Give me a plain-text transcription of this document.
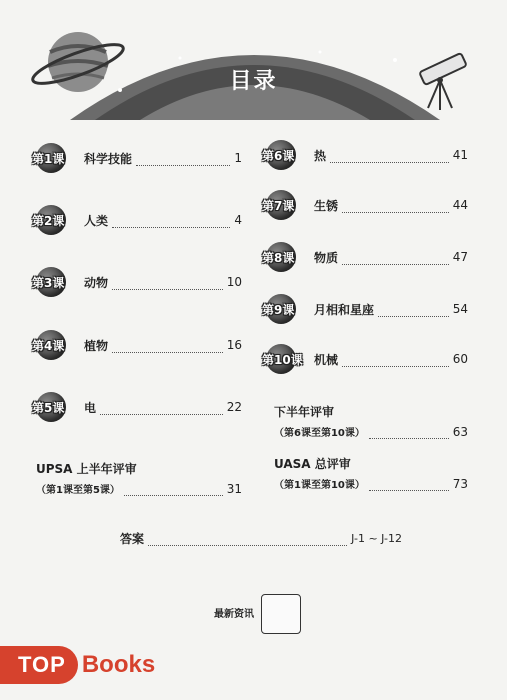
目录
第1课	科学技能	1
第2课	人类	4
第3课	动物	10
第4课	植物	16
第5课	电	22
第6课	热	41
第7课	生锈	44
第8课	物质	47
第9课	月相和星座	54
第10课 机械	60
UPSA 上半年评审
（第1课至第5课）	31
下半年评审
（第6课至第10课）	63
UASA 总评审
（第1课至第10课）	73
答案	J-1 ~ J-12
最新资讯
TOP Books
